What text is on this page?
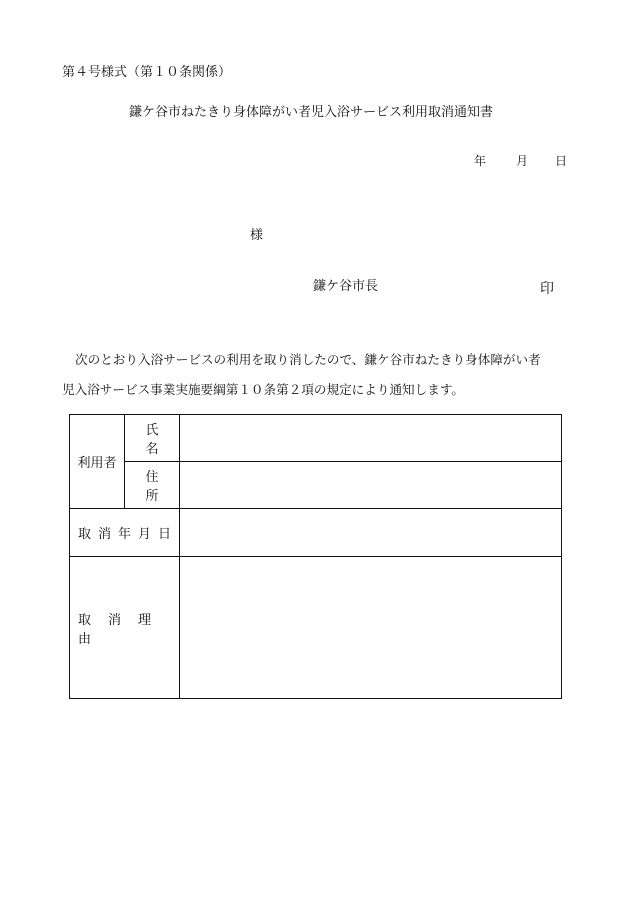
第４号様式（第１０条関係）
鎌ケ谷市ねたきり身体障がい者児入浴サービス利用取消通知書
年 月 日
様
鎌ケ谷市長	印
次のとおり入浴サービスの利用を取り消したので、鎌ケ谷市ねたきり身体障がい者
児入浴サービス事業実施要綱第１０条第２項の規定により通知します。
利用者	氏名	
	住所	
取消年月日		
取 消 理由		
